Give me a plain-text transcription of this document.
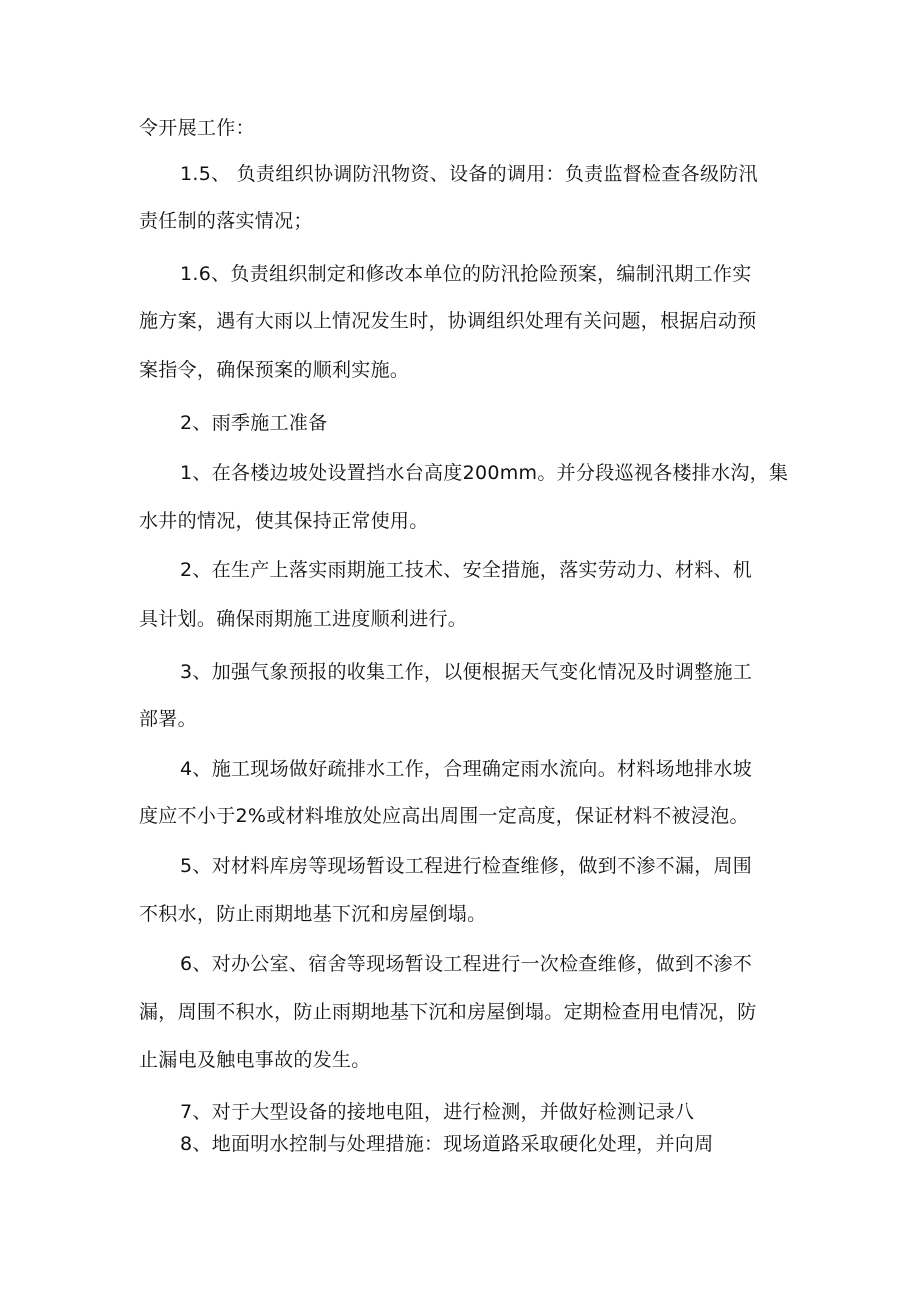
令开展工作：
1.5、 负责组织协调防汛物资、设备的调用：负责监督检查各级防汛
责任制的落实情况；
1.6、负责组织制定和修改本单位的防汛抢险预案，编制汛期工作实
施方案，遇有大雨以上情况发生时，协调组织处理有关问题，根据启动预
案指令，确保预案的顺利实施。
2、雨季施工准备
1、在各楼边坡处设置挡水台高度200mm。并分段巡视各楼排水沟，集
水井的情况，使其保持正常使用。
2、在生产上落实雨期施工技术、安全措施，落实劳动力、材料、机
具计划。确保雨期施工进度顺利进行。
3、加强气象预报的收集工作，以便根据天气变化情况及时调整施工
部署。
4、施工现场做好疏排水工作，合理确定雨水流向。材料场地排水坡
度应不小于2%或材料堆放处应高出周围一定高度，保证材料不被浸泡。
5、对材料库房等现场暂设工程进行检查维修，做到不渗不漏，周围
不积水，防止雨期地基下沉和房屋倒塌。
6、对办公室、宿舍等现场暂设工程进行一次检查维修，做到不渗不
漏，周围不积水，防止雨期地基下沉和房屋倒塌。定期检查用电情况，防
止漏电及触电事故的发生。
7、对于大型设备的接地电阻，进行检测，并做好检测记录八
8、地面明水控制与处理措施：现场道路采取硬化处理，并向周
